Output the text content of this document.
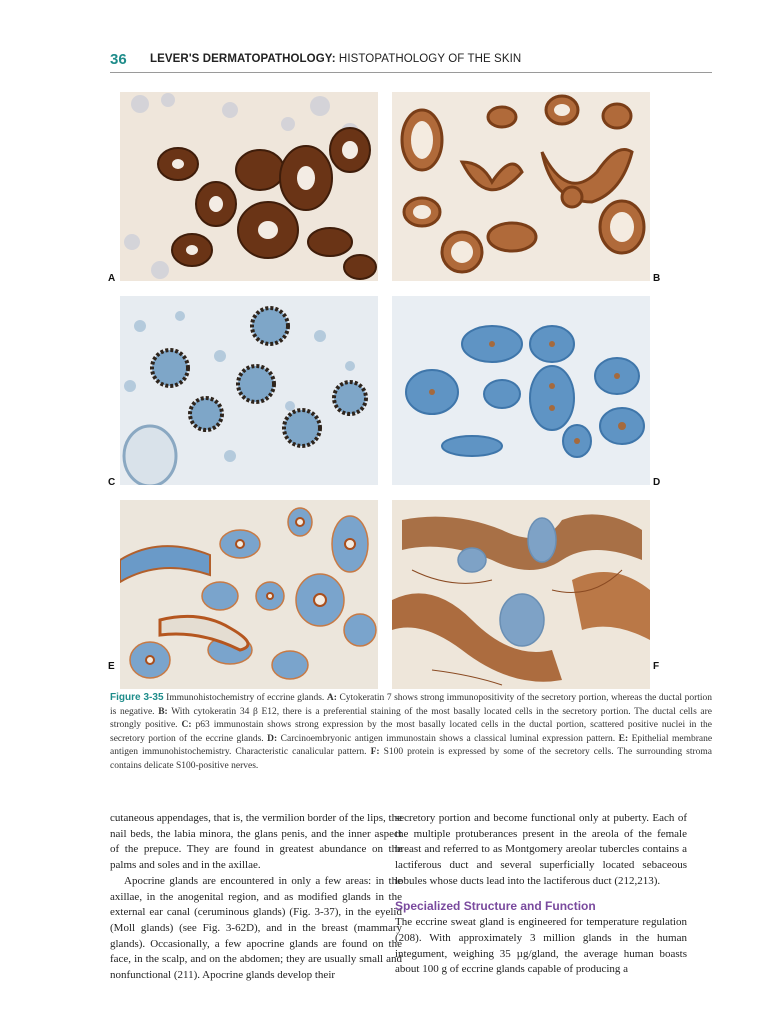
36 LEVER'S DERMATOPATHOLOGY: HISTOPATHOLOGY OF THE SKIN
A	B
C	D
E	F
Figure 3-35 Immunohistochemistry of eccrine glands. A: Cytokeratin 7 shows strong immunopositivity of the secretory portion, whereas the ductal portion is negative. B: With cytokeratin 34 β E12, there is a preferential staining of the most basally located cells in the secretory portion. The ductal cells are strongly positive. C: p63 immunostain shows strong expression by the most basally located cells in the ductal portion, scattered positive nuclei in the secretory portion of the eccrine glands. D: Carcinoembryonic antigen immunostain shows a classical luminal expression pattern. E: Epithelial membrane antigen immunohistochemistry. Characteristic canalicular pattern. F: S100 protein is expressed by some of the secretory cells. The surrounding stroma contains delicate S100-positive nerves.

cutaneous appendages, that is, the vermilion border of the lips, the nail beds, the labia minora, the glans penis, and the inner aspect of the prepuce. They are found in greatest abundance on the palms and soles and in the axillae.

Apocrine glands are encountered in only a few areas: in the axillae, in the anogenital region, and as modified glands in the external ear canal (ceruminous glands) (Fig. 3-37), in the eyelid (Moll glands) (see Fig. 3-62D), and in the breast (mammary glands). Occasionally, a few apocrine glands are found on the face, in the scalp, and on the abdomen; they are usually small and nonfunctional (211). Apocrine glands develop their

secretory portion and become functional only at puberty. Each of the multiple protuberances present in the areola of the female breast and referred to as Montgomery areolar tubercles contains a lactiferous duct and several superficially located sebaceous lobules whose ducts lead into the lactiferous duct (212,213).

Specialized Structure and Function

The eccrine sweat gland is engineered for temperature regulation (208). With approximately 3 million glands in the human integument, weighing 35 µg/gland, the average human boasts about 100 g of eccrine glands capable of producing a
